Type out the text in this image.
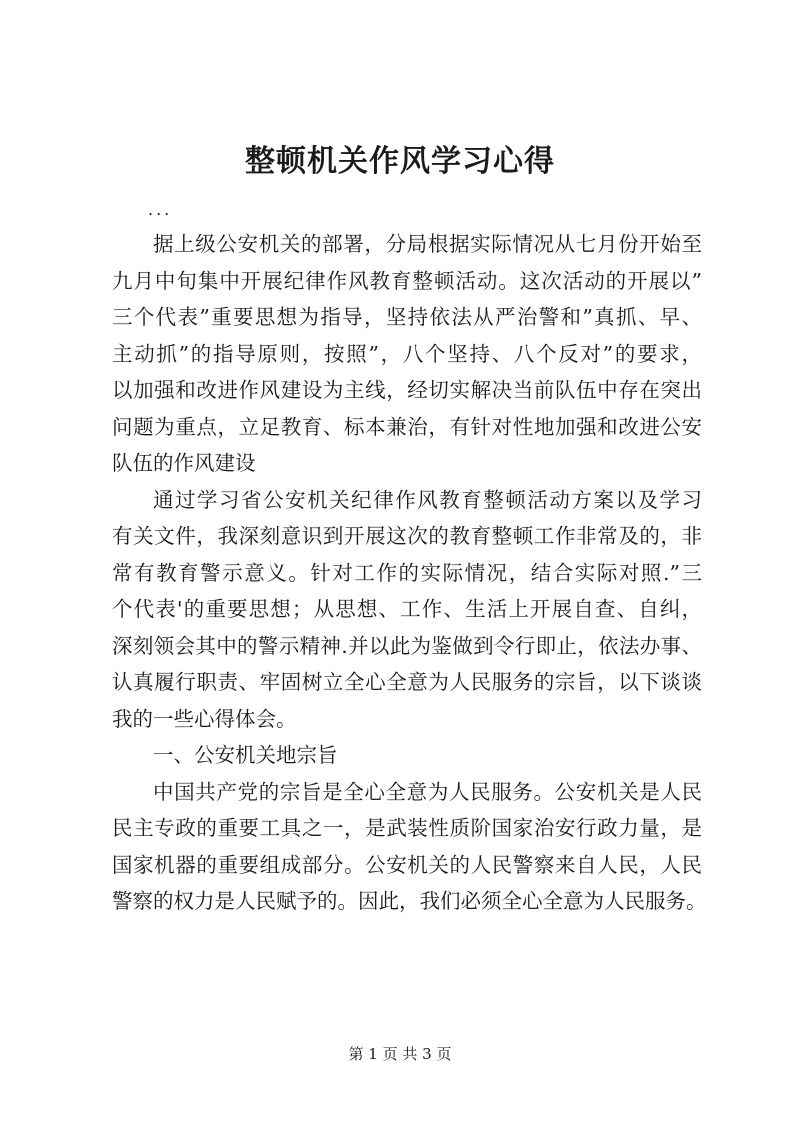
整顿机关作风学习心得
...
据上级公安机关的部署，分局根据实际情况从七月份开始至
九月中旬集中开展纪律作风教育整顿活动。这次活动的开展以”
三个代表”重要思想为指导，坚持依法从严治警和”真抓、早、
主动抓”的指导原则，按照”，八个坚持、八个反对”的要求，
以加强和改进作风建设为主线，经切实解决当前队伍中存在突出
问题为重点，立足教育、标本兼治，有针对性地加强和改进公安
队伍的作风建设
通过学习省公安机关纪律作风教育整顿活动方案以及学习
有关文件，我深刻意识到开展这次的教育整顿工作非常及的，非
常有教育警示意义。针对工作的实际情况，结合实际对照.”三
个代表'的重要思想；从思想、工作、生活上开展自查、自纠，
深刻领会其中的警示精神.并以此为鉴做到令行即止，依法办事、
认真履行职责、牢固树立全心全意为人民服务的宗旨，以下谈谈
我的一些心得体会。
一、公安机关地宗旨
中国共产党的宗旨是全心全意为人民服务。公安机关是人民
民主专政的重要工具之一，是武装性质阶国家治安行政力量，是
国家机器的重要组成部分。公安机关的人民警察来自人民，人民
警察的权力是人民赋予的。因此，我们必须全心全意为人民服务。
第 1 页 共 3 页
